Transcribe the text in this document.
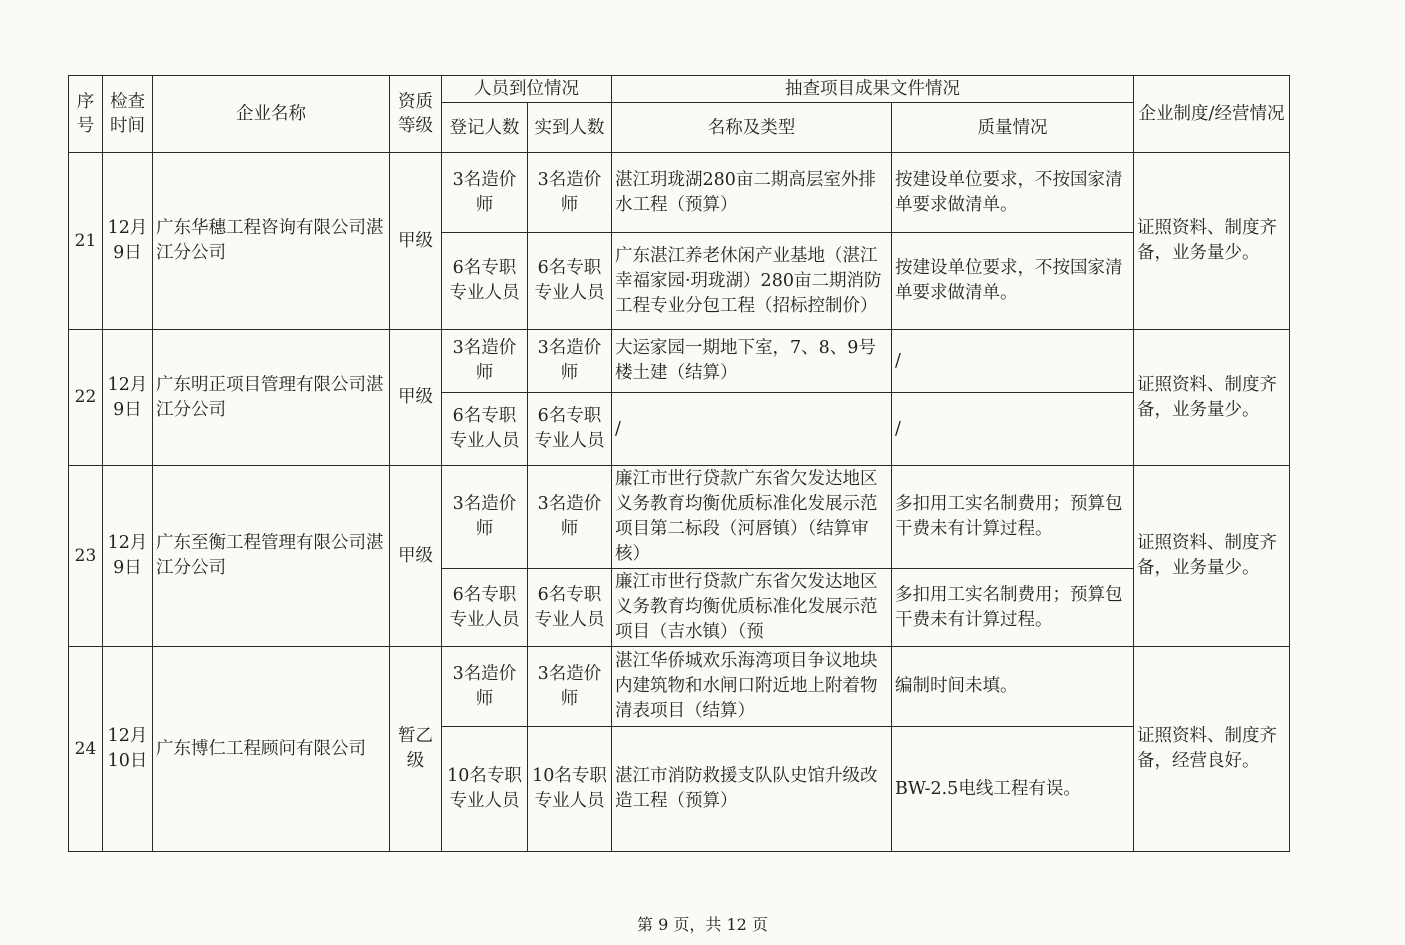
序号	检查时间	企业名称	资质等级	人员到位情况		抽查项目成果文件情况		企业制度/经营情况
				登记人数	实到人数	名称及类型	质量情况	
21	12月9日	广东华穗工程咨询有限公司湛江分公司	甲级	3名造价师	3名造价师	湛江玥珑湖280亩二期高层室外排水工程（预算）	按建设单位要求，不按国家清单要求做清单。	证照资料、制度齐备，业务量少。
				6名专职专业人员	6名专职专业人员	广东湛江养老休闲产业基地（湛江幸福家园·玥珑湖）280亩二期消防工程专业分包工程（招标控制价）	按建设单位要求，不按国家清单要求做清单。	
22	12月9日	广东明正项目管理有限公司湛江分公司	甲级	3名造价师	3名造价师	大运家园一期地下室，7、8、9号楼土建（结算）	/	证照资料、制度齐备，业务量少。
				6名专职专业人员	6名专职专业人员	/	/	
23	12月9日	广东至衡工程管理有限公司湛江分公司	甲级	3名造价师	3名造价师	廉江市世行贷款广东省欠发达地区义务教育均衡优质标准化发展示范项目第二标段（河唇镇）（结算审核）	多扣用工实名制费用；预算包干费未有计算过程。	证照资料、制度齐备，业务量少。
				6名专职专业人员	6名专职专业人员	廉江市世行贷款广东省欠发达地区义务教育均衡优质标准化发展示范项目（吉水镇）（预	多扣用工实名制费用；预算包干费未有计算过程。	
24	12月10日	广东博仁工程顾问有限公司	暂乙级	3名造价师	3名造价师	湛江华侨城欢乐海湾项目争议地块内建筑物和水闸口附近地上附着物清表项目（结算）	编制时间未填。	证照资料、制度齐备，经营良好。
				10名专职专业人员	10名专职专业人员	湛江市消防救援支队队史馆升级改造工程（预算）	BW-2.5电线工程有误。	
第 9 页，共 12 页
